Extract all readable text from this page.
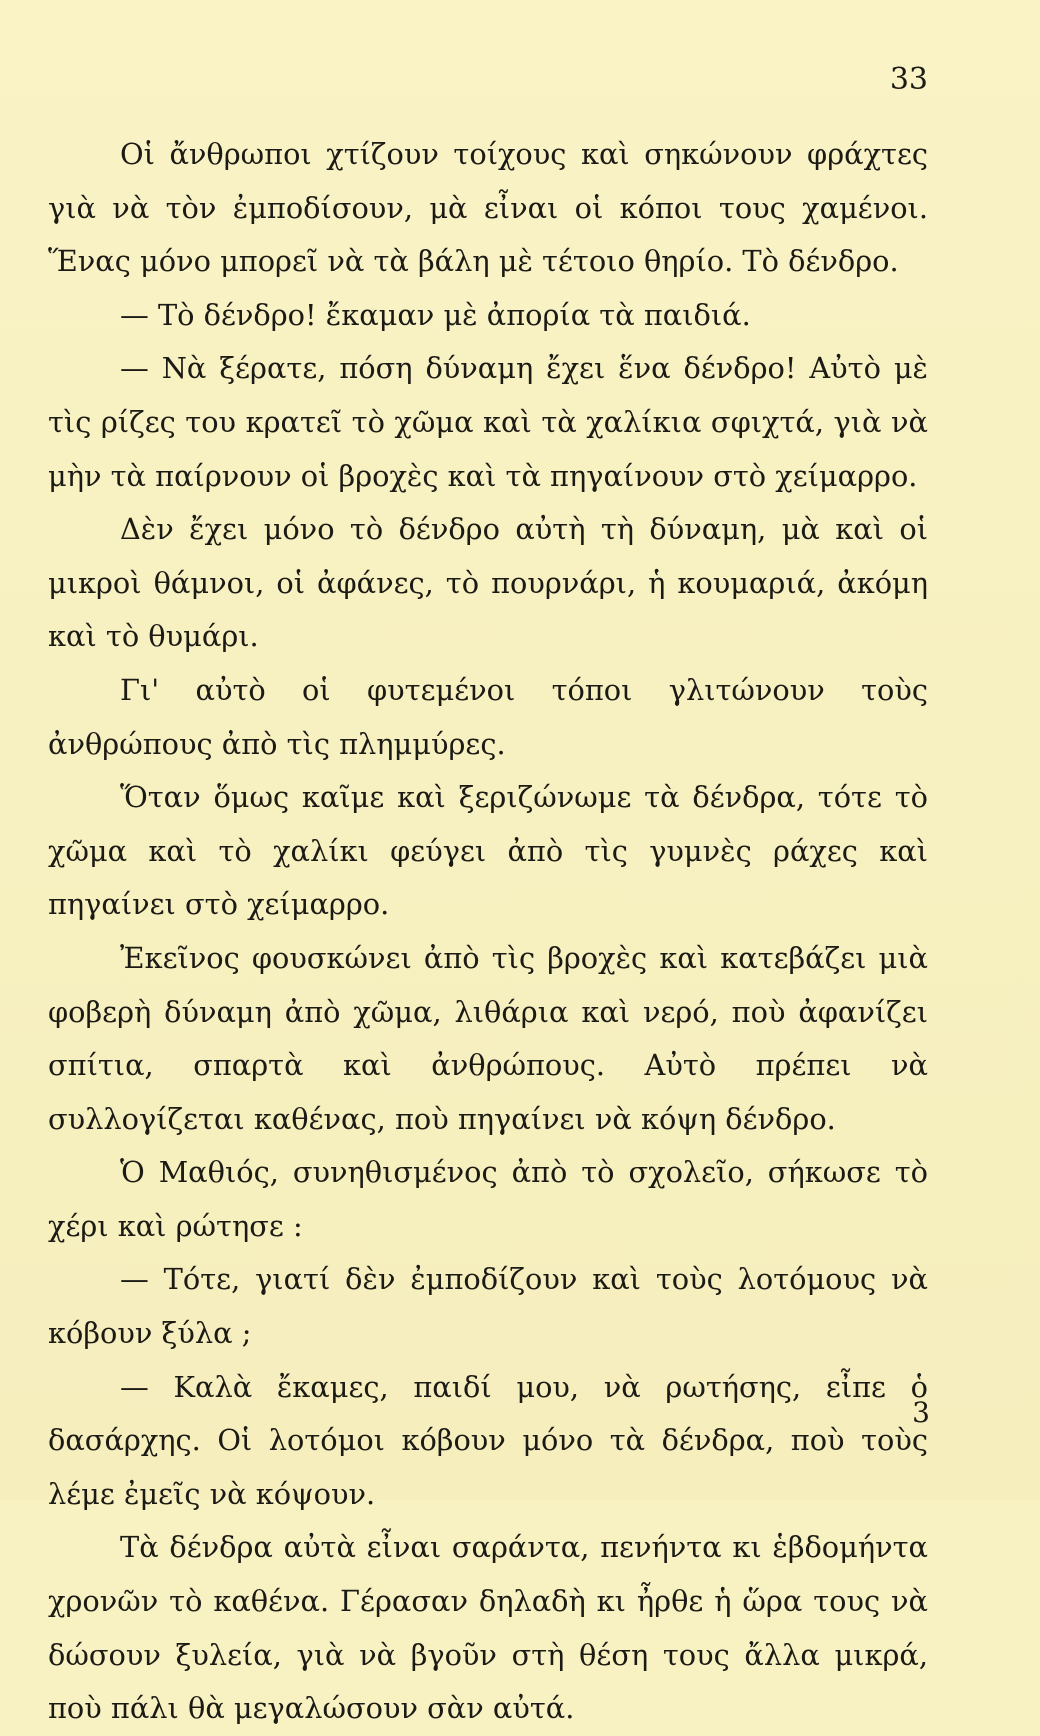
33

Οἱ ἄνθρωποι χτίζουν τοίχους καὶ σηκώνουν φράχτες γιὰ νὰ τὸν ἐμποδίσουν, μὰ εἶναι οἱ κόποι τους χαμένοι. Ἕνας μόνο μπορεῖ νὰ τὰ βάλη μὲ τέτοιο θηρίο. Τὸ δένδρο.

— Τὸ δένδρο! ἔκαμαν μὲ ἀπορία τὰ παιδιά.

— Νὰ ξέρατε, πόση δύναμη ἔχει ἕνα δένδρο! Αὐτὸ μὲ τὶς ρίζες του κρατεῖ τὸ χῶμα καὶ τὰ χαλίκια σφιχτά, γιὰ νὰ μὴν τὰ παίρνουν οἱ βροχὲς καὶ τὰ πηγαίνουν στὸ χείμαρρο.

Δὲν ἔχει μόνο τὸ δένδρο αὐτὴ τὴ δύναμη, μὰ καὶ οἱ μικροὶ θάμνοι, οἱ ἀφάνες, τὸ πουρνάρι, ἡ κουμαριά, ἀκόμη καὶ τὸ θυμάρι.

Γι' αὐτὸ οἱ φυτεμένοι τόποι γλιτώνουν τοὺς ἀνθρώπους ἀπὸ τὶς πλημμύρες.

Ὅταν ὅμως καῖμε καὶ ξεριζώνωμε τὰ δένδρα, τότε τὸ χῶμα καὶ τὸ χαλίκι φεύγει ἀπὸ τὶς γυμνὲς ράχες καὶ πηγαίνει στὸ χείμαρρο.

Ἐκεῖνος φουσκώνει ἀπὸ τὶς βροχὲς καὶ κατεβάζει μιὰ φοβερὴ δύναμη ἀπὸ χῶμα, λιθάρια καὶ νερό, ποὺ ἀφανίζει σπίτια, σπαρτὰ καὶ ἀνθρώπους. Αὐτὸ πρέπει νὰ συλλογίζεται καθένας, ποὺ πηγαίνει νὰ κόψη δένδρο.

Ὁ Μαθιός, συνηθισμένος ἀπὸ τὸ σχολεῖο, σήκωσε τὸ χέρι καὶ ρώτησε :

— Τότε, γιατί δὲν ἐμποδίζουν καὶ τοὺς λοτόμους νὰ κόβουν ξύλα ;

— Καλὰ ἔκαμες, παιδί μου, νὰ ρωτήσης, εἶπε ὁ δασάρχης. Οἱ λοτόμοι κόβουν μόνο τὰ δένδρα, ποὺ τοὺς λέμε ἐμεῖς νὰ κόψουν.

Τὰ δένδρα αὐτὰ εἶναι σαράντα, πενήντα κι ἑβδομήντα χρονῶν τὸ καθένα. Γέρασαν δηλαδὴ κι ἦρθε ἡ ὥρα τους νὰ δώσουν ξυλεία, γιὰ νὰ βγοῦν στὴ θέση τους ἄλλα μικρά, ποὺ πάλι θὰ μεγαλώσουν σὰν αὐτά.

3
